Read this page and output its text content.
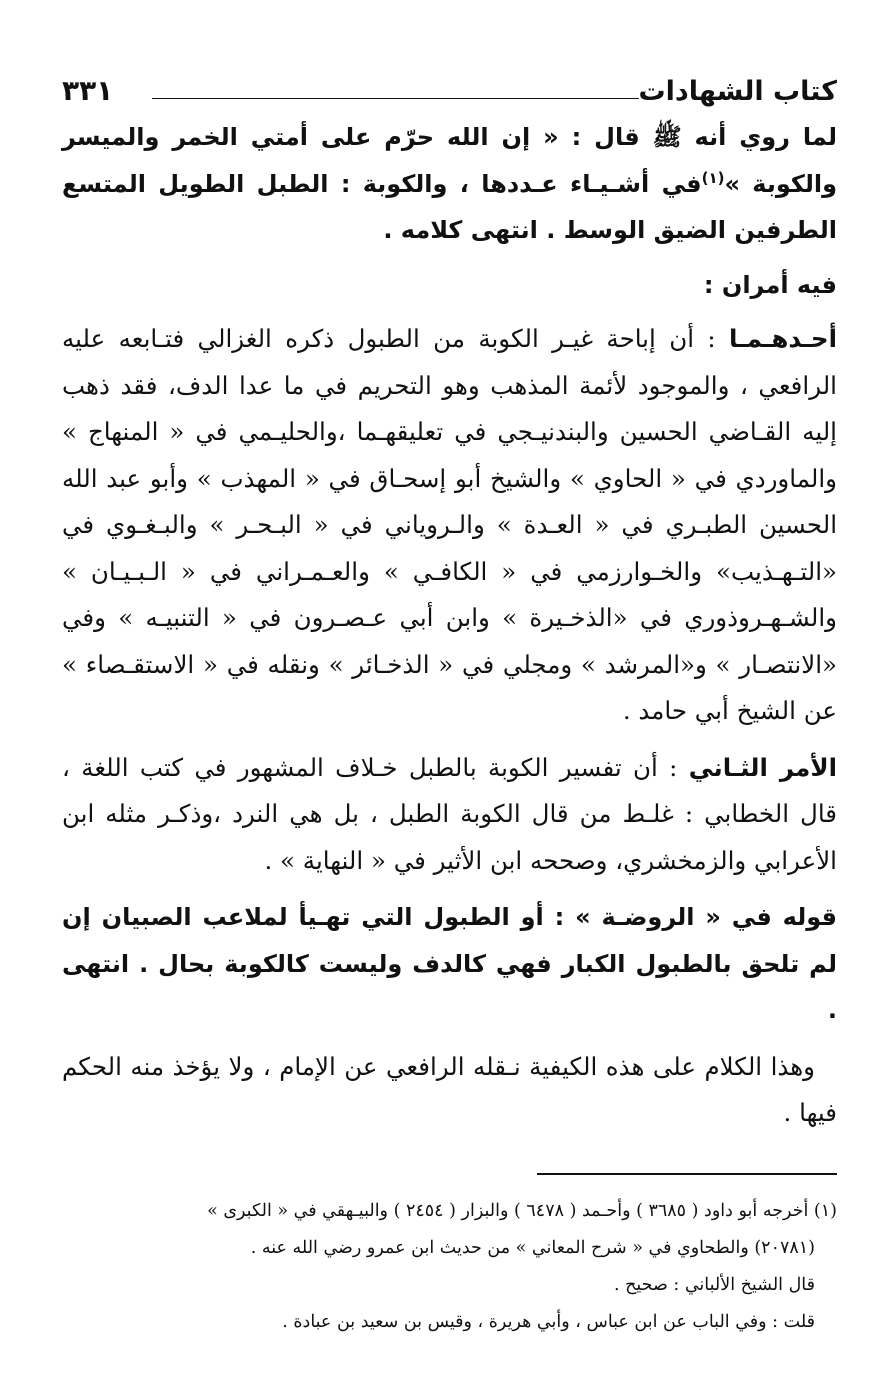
كتاب الشهادات
٣٣١

لما روي أنه ﷺ قال : « إن الله حرّم على أمتي الخمر والميسر والكوبة »$^{(١)}$في أشـيـاء عـددها ، والكوبة : الطبل الطويل المتسع الطرفين الضيق الوسط . انتهى كلامه .

فيه أمران :

أحـدهـمـا : أن إباحة غيـر الكوبة من الطبول ذكره الغزالي فتـابعه عليه الرافعي ، والموجود لأئمة المذهب وهو التحريم في ما عدا الدف، فقد ذهب إليه القـاضي الحسين والبندنيـجي في تعليقهـما ،والحليـمي في « المنهاج » والماوردي في « الحاوي » والشيخ أبو إسحـاق في « المهذب » وأبو عبد الله الحسين الطبـري في « العـدة » والـروياني في « البـحـر » والبـغـوي في «التـهـذيب» والخـوارزمي في « الكافـي » والعـمـراني في « الـبـيـان » والشـهـروذوري في «الذخـيرة » وابن أبي عـصـرون في « التنبيـه » وفي «الانتصـار » و«المرشد » ومجلي في « الذخـائر » ونقله في « الاستقـصاء » عن الشيخ أبي حامد .

الأمر الثـاني : أن تفسير الكوبة بالطبل خـلاف المشهور في كتب اللغة ، قال الخطابي : غلـط من قال الكوبة الطبل ، بل هي النرد ،وذكـر مثله ابن الأعرابي والزمخشري، وصححه ابن الأثير في « النهاية » .

قوله في « الروضـة » : أو الطبول التي تهـيأ لملاعب الصبيان إن لم تلحق بالطبول الكبار فهي كالدف وليست كالكوبة بحال . انتهى .

وهذا الكلام على هذه الكيفية نـقله الرافعي عن الإمام ، ولا يؤخذ منه الحكم فيها .

(١) أخرجه أبو داود ( ٣٦٨٥ ) وأحـمد ( ٦٤٧٨ ) والبزار ( ٢٤٥٤ ) والبيـهقي في « الكبرى »

(٢٠٧٨١) والطحاوي في « شرح المعاني » من حديث ابن عمرو رضي الله عنه .

قال الشيخ الألباني : صحيح .

قلت : وفي الباب عن ابن عباس ، وأبي هريرة ، وقيس بن سعيد بن عبادة .
